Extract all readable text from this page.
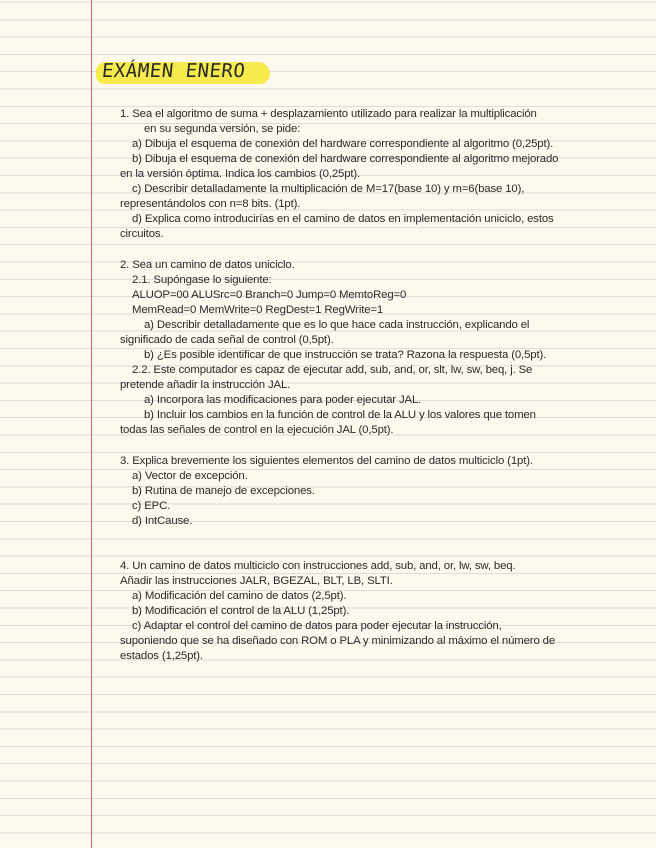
EXÁMEN ENERO
1. Sea el algoritmo de suma + desplazamiento utilizado para realizar la multiplicación
en su segunda versión, se pide:
a) Dibuja el esquema de conexión del hardware correspondiente al algoritmo (0,25pt).
b) Dibuja el esquema de conexión del hardware correspondiente al algoritmo mejorado
en la versión óptima. Indica los cambios (0,25pt).
c) Describir detalladamente la multiplicación de M=17(base 10) y m=6(base 10),
representándolos con n=8 bits. (1pt).
d) Explica como introducirías en el camino de datos en implementación uniciclo, estos
circuitos.
2. Sea un camino de datos uniciclo.
2.1. Supóngase lo siguiente:
ALUOP=00 ALUSrc=0 Branch=0 Jump=0 MemtoReg=0
MemRead=0 MemWrite=0 RegDest=1 RegWrite=1
a) Describir detalladamente que es lo que hace cada instrucción, explicando el
significado de cada señal de control (0,5pt).
b) ¿Es posible identificar de que instrucción se trata? Razona la respuesta (0,5pt).
2.2. Este computador es capaz de ejecutar add, sub, and, or, slt, lw, sw, beq, j. Se
pretende añadir la instrucción JAL.
a) Incorpora las modificaciones para poder ejecutar JAL.
b) Incluir los cambios en la función de control de la ALU y los valores que tomen
todas las señales de control en la ejecución JAL (0,5pt).
3. Explica brevemente los siguientes elementos del camino de datos multiciclo (1pt).
a) Vector de excepción.
b) Rutina de manejo de excepciones.
c) EPC.
d) IntCause.
4. Un camino de datos multiciclo con instrucciones add, sub, and, or, lw, sw, beq.
Añadir las instrucciones JALR, BGEZAL, BLT, LB, SLTI.
a) Modificación del camino de datos (2,5pt).
b) Modificación el control de la ALU (1,25pt).
c) Adaptar el control del camino de datos para poder ejecutar la instrucción,
suponiendo que se ha diseñado con ROM o PLA y minimizando al máximo el número de
estados (1,25pt).
